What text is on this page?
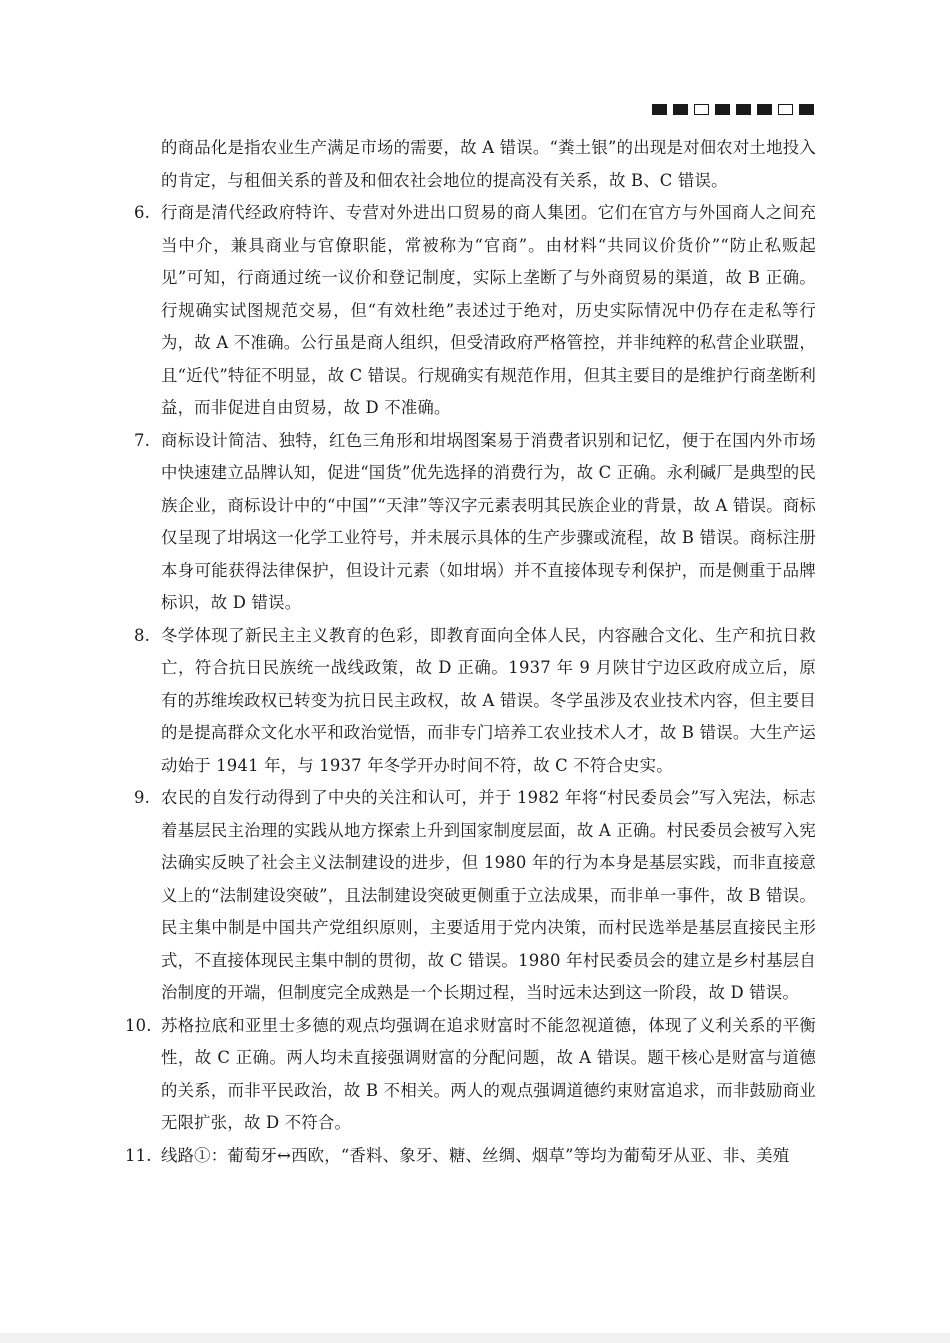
的商品化是指农业生产满足市场的需要，故 A 错误。“粪土银”的出现是对佃农对土地投入的肯定，与租佃关系的普及和佃农社会地位的提高没有关系，故 B、C 错误。

6. 行商是清代经政府特许、专营对外进出口贸易的商人集团。它们在官方与外国商人之间充当中介，兼具商业与官僚职能，常被称为“官商”。由材料“共同议价货价”“防止私贩起见”可知，行商通过统一议价和登记制度，实际上垄断了与外商贸易的渠道，故 B 正确。行规确实试图规范交易，但“有效杜绝”表述过于绝对，历史实际情况中仍存在走私等行为，故 A 不准确。公行虽是商人组织，但受清政府严格管控，并非纯粹的私营企业联盟，且“近代”特征不明显，故 C 错误。行规确实有规范作用，但其主要目的是维护行商垄断利益，而非促进自由贸易，故 D 不准确。

7. 商标设计简洁、独特，红色三角形和坩埚图案易于消费者识别和记忆，便于在国内外市场中快速建立品牌认知，促进“国货”优先选择的消费行为，故 C 正确。永利碱厂是典型的民族企业，商标设计中的“中国”“天津”等汉字元素表明其民族企业的背景，故 A 错误。商标仅呈现了坩埚这一化学工业符号，并未展示具体的生产步骤或流程，故 B 错误。商标注册本身可能获得法律保护，但设计元素（如坩埚）并不直接体现专利保护，而是侧重于品牌标识，故 D 错误。

8. 冬学体现了新民主主义教育的色彩，即教育面向全体人民，内容融合文化、生产和抗日救亡，符合抗日民族统一战线政策，故 D 正确。1937 年 9 月陕甘宁边区政府成立后，原有的苏维埃政权已转变为抗日民主政权，故 A 错误。冬学虽涉及农业技术内容，但主要目的是提高群众文化水平和政治觉悟，而非专门培养工农业技术人才，故 B 错误。大生产运动始于 1941 年，与 1937 年冬学开办时间不符，故 C 不符合史实。

9. 农民的自发行动得到了中央的关注和认可，并于 1982 年将“村民委员会”写入宪法，标志着基层民主治理的实践从地方探索上升到国家制度层面，故 A 正确。村民委员会被写入宪法确实反映了社会主义法制建设的进步，但 1980 年的行为本身是基层实践，而非直接意义上的“法制建设突破”，且法制建设突破更侧重于立法成果，而非单一事件，故 B 错误。民主集中制是中国共产党组织原则，主要适用于党内决策，而村民选举是基层直接民主形式，不直接体现民主集中制的贯彻，故 C 错误。1980 年村民委员会的建立是乡村基层自治制度的开端，但制度完全成熟是一个长期过程，当时远未达到这一阶段，故 D 错误。

10. 苏格拉底和亚里士多德的观点均强调在追求财富时不能忽视道德，体现了义利关系的平衡性，故 C 正确。两人均未直接强调财富的分配问题，故 A 错误。题干核心是财富与道德的关系，而非平民政治，故 B 不相关。两人的观点强调道德约束财富追求，而非鼓励商业无限扩张，故 D 不符合。

11. 线路①：葡萄牙↔西欧，“香料、象牙、糖、丝绸、烟草”等均为葡萄牙从亚、非、美殖
